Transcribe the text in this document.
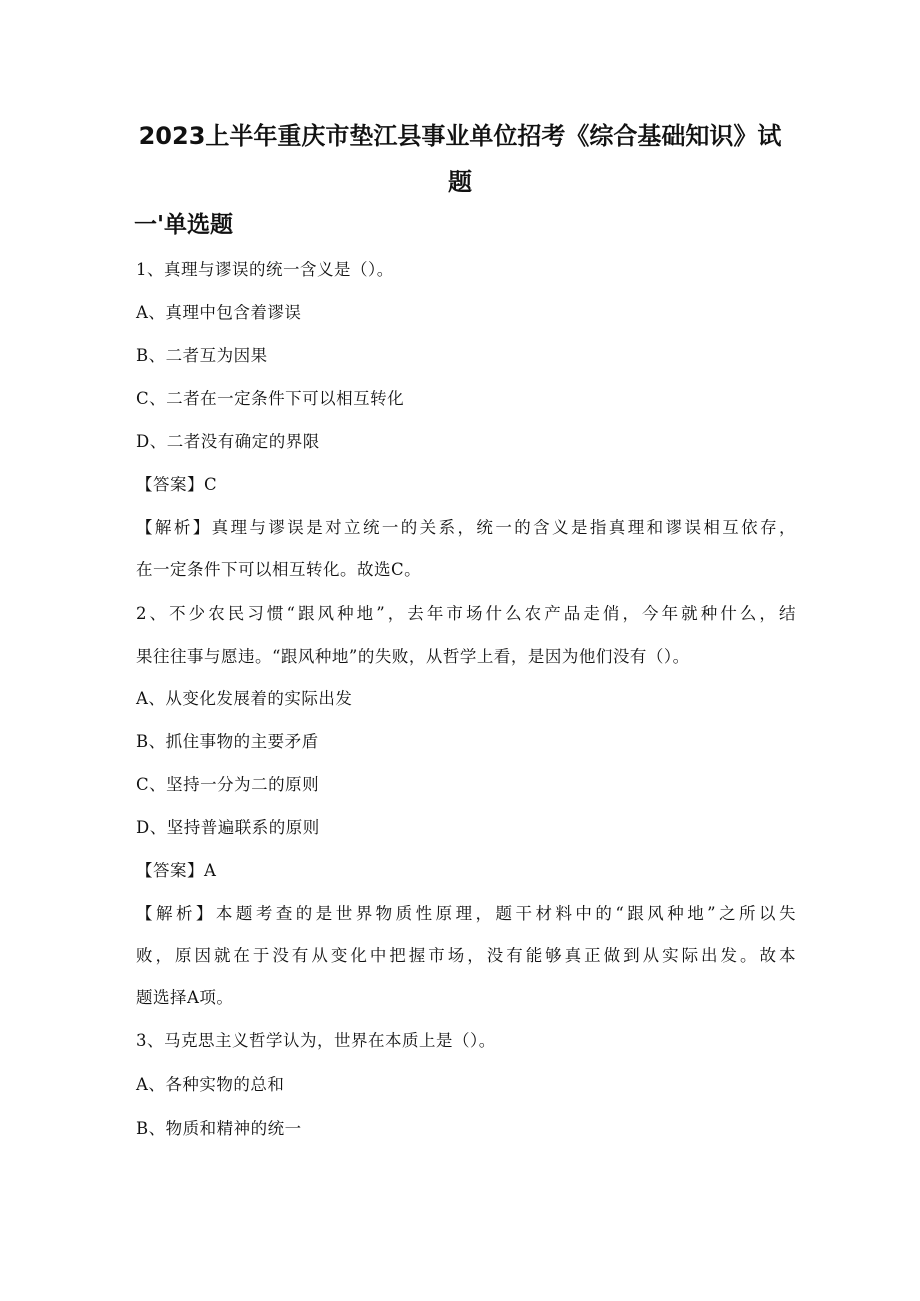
2023上半年重庆市垫江县事业单位招考《综合基础知识》试
题
一'单选题
1、真理与谬误的统一含义是（）。
A、真理中包含着谬误
B、二者互为因果
C、二者在一定条件下可以相互转化
D、二者没有确定的界限
【答案】C
【解析】真理与谬误是对立统一的关系，统一的含义是指真理和谬误相互依存，
在一定条件下可以相互转化。故选C。
2、不少农民习惯“跟风种地”，去年市场什么农产品走俏，今年就种什么，结
果往往事与愿违。“跟风种地”的失败，从哲学上看，是因为他们没有（）。
A、从变化发展着的实际出发
B、抓住事物的主要矛盾
C、坚持一分为二的原则
D、坚持普遍联系的原则
【答案】A
【解析】本题考查的是世界物质性原理，题干材料中的“跟风种地”之所以失
败，原因就在于没有从变化中把握市场，没有能够真正做到从实际出发。故本
题选择A项。
3、马克思主义哲学认为，世界在本质上是（）。
A、各种实物的总和
B、物质和精神的统一
